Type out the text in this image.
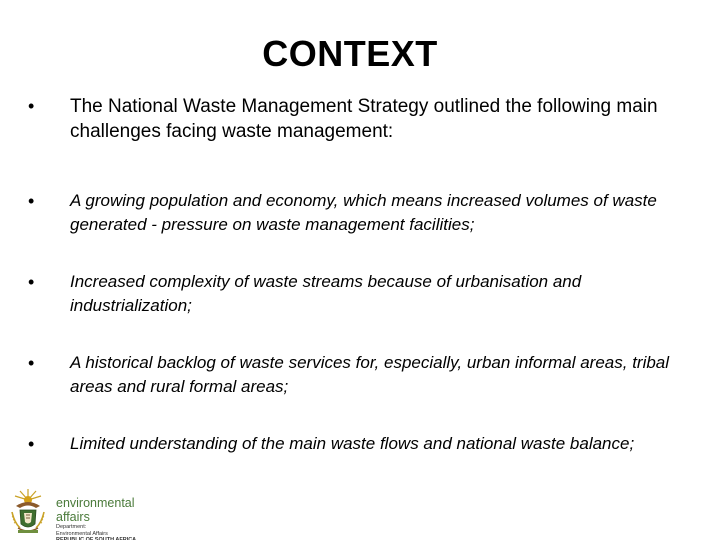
CONTEXT
• The National Waste Management Strategy outlined the following main challenges facing waste management:
• A growing population and economy, which means increased volumes of waste generated - pressure on waste management facilities;
• Increased complexity of waste streams because of urbanisation and industrialization;
• A historical backlog of waste services for, especially, urban informal areas, tribal areas and rural formal areas;
• Limited understanding of the main waste flows and national waste balance;
environmental affairs
Department:
Environmental Affairs
REPUBLIC OF SOUTH AFRICA
